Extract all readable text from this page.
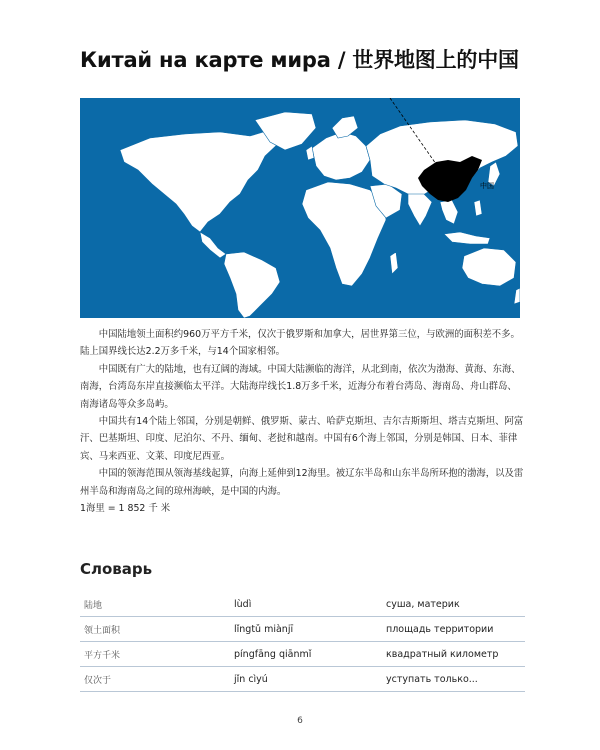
Китай на карте мира / 世界地图上的中国
中国

中国陆地领土面积约960万平方千米，仅次于俄罗斯和加拿大，居世界第三位，与欧洲的面积差不多。陆上国界线长达2.2万多千米，与14个国家相邻。

中国既有广大的陆地，也有辽阔的海域。中国大陆濒临的海洋，从北到南，依次为渤海、黄海、东海、南海，台湾岛东岸直接濒临太平洋。大陆海岸线长1.8万多千米，近海分布着台湾岛、海南岛、舟山群岛、南海诸岛等众多岛屿。

中国共有14个陆上邻国，分别是朝鲜、俄罗斯、蒙古、哈萨克斯坦、吉尔吉斯斯坦、塔吉克斯坦、阿富汗、巴基斯坦、印度、尼泊尔、不丹、缅甸、老挝和越南。中国有6个海上邻国，分别是韩国、日本、菲律宾、马来西亚、文莱、印度尼西亚。

中国的领海范围从领海基线起算，向海上延伸到12海里。被辽东半岛和山东半岛所环抱的渤海，以及雷州半岛和海南岛之间的琼州海峡，是中国的内海。

1海里 = 1 852 千 米

Словарь
陆地	lùdì	суша, материк
领土面积	lǐngtǔ miànjī	площадь территории
平方千米	píngfāng qiānmǐ	квадратный километр
仅次于	jǐn cìyú	уступать только...
6
